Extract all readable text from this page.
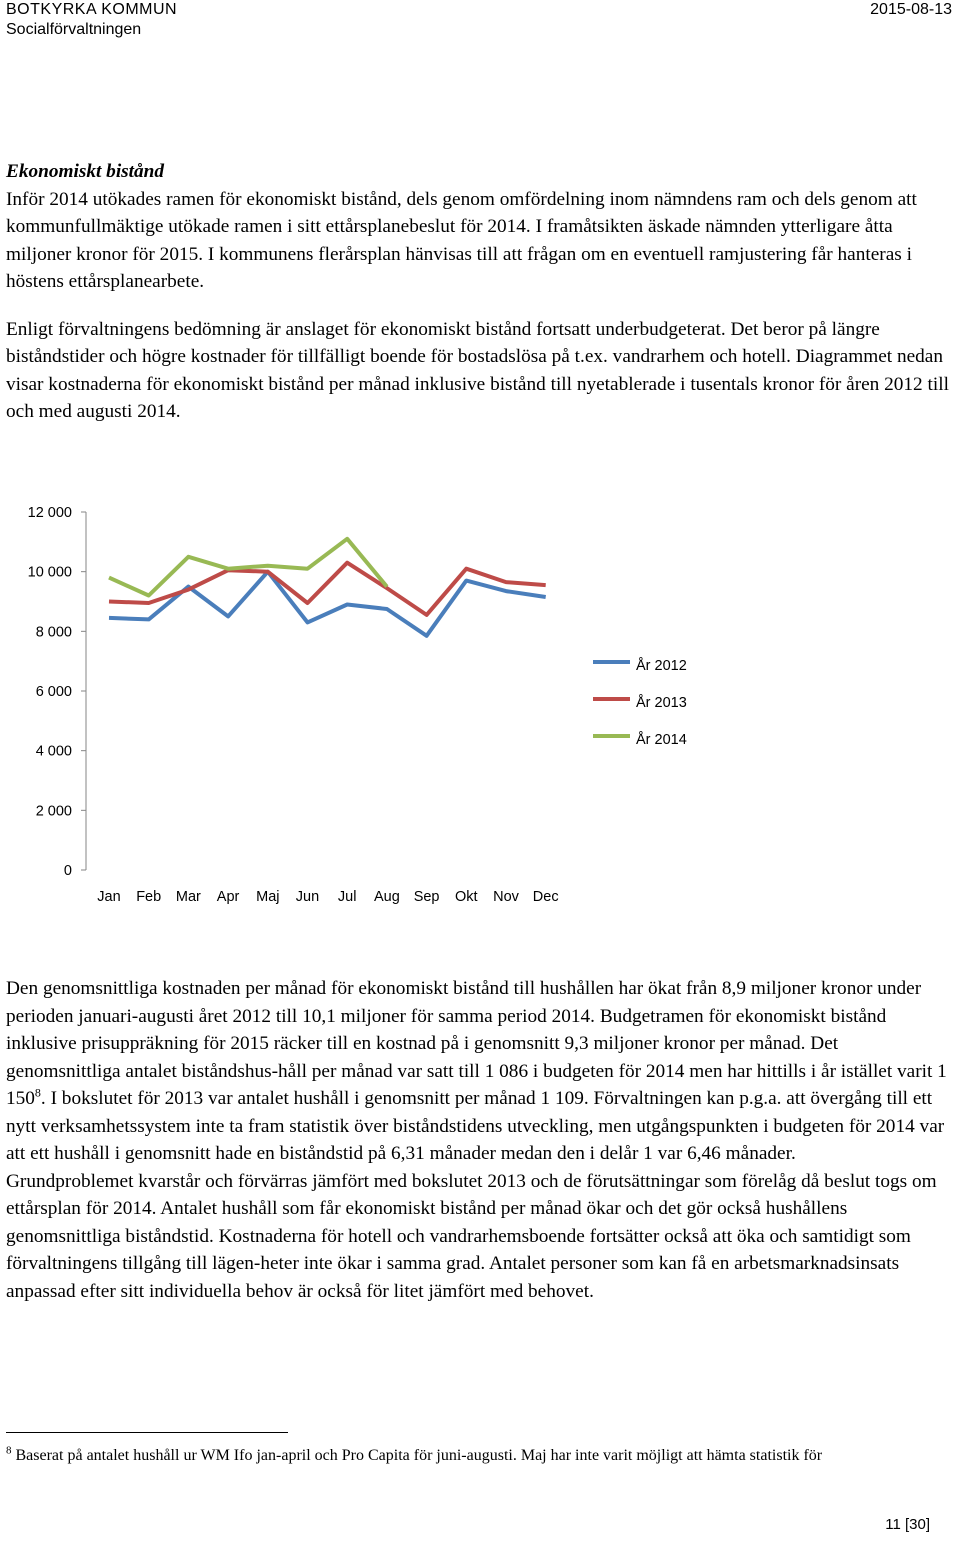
BOTKYRKA KOMMUN
Socialförvaltningen
2015-08-13

Ekonomiskt bistånd

Inför 2014 utökades ramen för ekonomiskt bistånd, dels genom omfördelning inom nämndens ram och dels genom att kommunfullmäktige utökade ramen i sitt ettårsplanebeslut för 2014. I framåtsikten äskade nämnden ytterligare åtta miljoner kronor för 2015. I kommunens flerårsplan hänvisas till att frågan om en eventuell ramjustering får hanteras i höstens ettårsplanearbete.

Enligt förvaltningens bedömning är anslaget för ekonomiskt bistånd fortsatt underbudgeterat. Det beror på längre biståndstider och högre kostnader för tillfälligt boende för bostadslösa på t.ex. vandrarhem och hotell. Diagrammet nedan visar kostnaderna för ekonomiskt bistånd per månad inklusive bistånd till nyetablerade i tusentals kronor för åren 2012 till och med augusti 2014.

0
2 000
4 000
6 000
8 000
10 000
12 000
Jan Feb Mar Apr Maj Jun Jul Aug Sep Okt Nov Dec
År 2012
År 2013
År 2014

Den genomsnittliga kostnaden per månad för ekonomiskt bistånd till hushållen har ökat från 8,9 miljoner kronor under perioden januari-augusti året 2012 till 10,1 miljoner för samma period 2014. Budgetramen för ekonomiskt bistånd inklusive prisuppräkning för 2015 räcker till en kostnad på i genomsnitt 9,3 miljoner kronor per månad. Det genomsnittliga antalet biståndshus-håll per månad var satt till 1 086 i budgeten för 2014 men har hittills i år istället varit 1 $150^8$. I bokslutet för 2013 var antalet hushåll i genomsnitt per månad 1 109. Förvaltningen kan p.g.a. att övergång till ett nytt verksamhetssystem inte ta fram statistik över biståndstidens utveckling, men utgångspunkten i budgeten för 2014 var att ett hushåll i genomsnitt hade en biståndstid på 6,31 månader medan den i delår 1 var 6,46 månader.

Grundproblemet kvarstår och förvärras jämfört med bokslutet 2013 och de förutsättningar som förelåg då beslut togs om ettårsplan för 2014. Antalet hushåll som får ekonomiskt bistånd per månad ökar och det gör också hushållens genomsnittliga biståndstid. Kostnaderna för hotell och vandrarhemsboende fortsätter också att öka och samtidigt som förvaltningens tillgång till lägen-heter inte ökar i samma grad. Antalet personer som kan få en arbetsmarknadsinsats anpassad efter sitt individuella behov är också för litet jämfört med behovet.

$^8$ Baserat på antalet hushåll ur WM Ifo jan-april och Pro Capita för juni-augusti. Maj har inte varit möjligt att hämta statistik för
11 [30]
